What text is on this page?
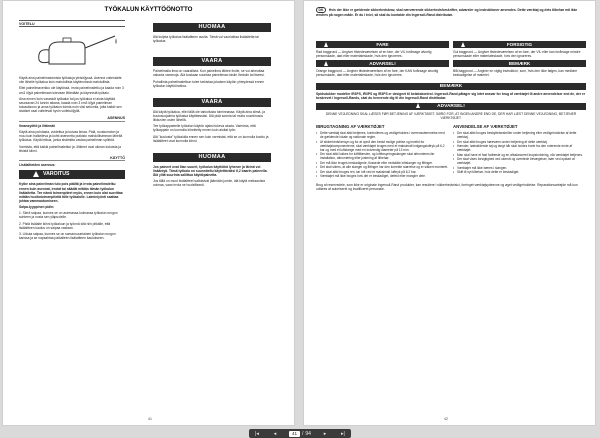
TYÖKALUN KÄYTTÖÖNOTTO
VOITELU

Käytä aina paineilmatoimisia työkaluja yleisöljyssä. Asenna voitelulaite niin lähelle työkalua kuin mahdollista käytännössä mahdollista.

Ellei paineilmaverkko ole käytössä, irrota paineilmaletku ja kaada noin 3 cm3 öljyä paineilmaan tulevaan liitäntään ja käynnistä työkalu.

Aina ennen kuin varastoit työkalun tai jos työkalua ei aiota käyttää seuraavan 24 tunnin aikana, kaada noin 3 cm3 öljyä paineilman tuloaukkoon ja anna työkalun toimia noin viisi sekuntia, jotta kaikki sen sisäiset osat voitelevat hyvin voiteluöljyllä.

ASENNUS

Ilmansyöttö ja liitännät

Käytä aina puhdasta, voideltua ja kuivaa ilmaa. Pidä, ruostumaton ja muu kuin halkeileva ja kohti asennettu putkisto mahdollisimman lähellä työkalua. Käytä letkua, jonka sisämitta vastaa paineilman syöttöä.

Varmista, että kaikki paineilmaletkut ja -liittimet ovat oikean kokoisia ja tiivistä kiinni.

KÄYTTÖ

Lisälaitteiden asennus:

VAROITUS

Kytke aina paineilman tulo pois päältä ja irrota paineilmaletku ennen kuin asennat, irrotat tai säädät mitään tämän työkalun lisälaitetta. Tee nämä toimenpiteet myös, ennen kuin alat suorittaa mitään huoltotoimenpiteitä tälle työkalulle. Laiminlyönti saattaa johtaa vammautumiseen.

Salpa-tyyppinen pidin:

1. Siirrä salpaa, kunnes se on asemassa kulmassa työkalun rungon suhteen ja nosta sen yläpuolelle.

2. Pistä lisälaite kiinni työkaluun ja työnnä sitä niin pitkälle, että lisälaitteen kaulus on salpaa vastaan.

3. Liikuta salpaa, kunnes se on samansuuntainen työkalun rungon kanssa ja se napsahtaa paikalleen lisälaitteen kaulukseen.

HUOMAA

Älä kuljeta työkalua lisälaitteen avulla. Tämä voi vaurioittaa lisälaitetta tai työkalua.

VAARA

Paineilmalla ilma on vaarallista. Kun paineilma lähtee iholle, se voi aiheuttaa vakavia vammoja. Älä koskaan suuntaa paineilmaa toisiin ihmisiin tai itseesi.

Puhallinta paineilmaletkun tulee tarkistaa jokaisen käytön yhteydessä ennen työkalun käyttöönottoa.

VAARA

Älä käytä työkalua, ellei tällä ole tarkoitusta toiminnassa. Käytä aina silmä- ja kuulosuojaimia työkalua käyttäessäsi. Älä pidä sormia tai muita ruumiinosia liikkuvien osien lähellä.

Tee työkappaleelle työkalun käytön ajaksi tukeva alusta. Varmista, että työkappale on kunnolla kiinnitetty ennen kuin aloitat työn.

Älä "kuulosta" työkalulla ennen sen kuin varmistat, että se on kunnolla koottu ja lisälaitteet ovat kunnolla kiinni.

HUOMAA

Jos paineet ovat liian suuret, työkalun käyttöikä lyhenee ja tärinä voi lisääntyä. Tämä työkalu on suunniteltu käytettäväksi 6,2 baarin paineella. Älä ylitä suurinta sallittua käyttöpainetta.

Jos tällä on muut lisälaitteet sattuisivat jäämään jumiin, älä käytä mekaanista voimaa, vaan irrota ne huolellisesti.

41
DK Hvis der ikke er gældende sikkerhedskrav, skal nærværende sikkerhedsforskrifter, advarsler og instruktioner anvendes. Dette værktøj og dets tilbehør må ikke ændres på nogen måde. Er du i tvivl, så skal du kontakte din Ingersoll-Rand distributør.
FARE

Rød baggrund — Angiver tilstedeværelsen af en fare, der VIL forårsage alvorlig personskade, død eller materialeskade, hvis den ignoreres.

FORSIGTIG

Gul baggrund — Angiver tilstedeværelsen af en fare, der VIL eller kan forårsage mindre personskade eller materialeskade, hvis den ignoreres.

ADVARSEL!

Orange baggrund — Angiver tilstedeværelsen af en fare, der KAN forårsage alvorlig personskade, død eller materialeskade, hvis den ignoreres.

BEMÆRK

Blå baggrund — Angiver en vigtig instruktion, som, hvis den ikke følges, kan medføre beskadigelse af materiel.

BEMÆRK

Spidsdukker modeller IR3PS, IR3PS og IR3PS er designet til beløbskontrol. Ingersoll-Rand påtager sig intet ansvar for brug af værktøjet til andre anvendelser end de, der er beskrevet i Ingersoll-Rands, skal du henvende dig til din Ingersoll-Rand distributør.

ADVARSEL!
DENNE VEJLEDNING SKAL LÆSES FØR BETJENING AF VÆRKTØJET. SØRG FOR, AT INGEN ANDRE END DE, DER HAR LÆST DENNE VEJLEDNING, BETJENER VÆRKTØJET.
IBRUGTAGNING AF VÆRKTØJET
• Dette værktøj skal altid betjenes, kontrolleres og vedligeholdes i overensstemmelse med de gældende lokale og nationale regler.
• Af sikkerhedshensyn og for at opnå den bedst mulige ydelse og levetid for værktøjskomponenterne, skal værktøjet bruges med et maksimalt indgangsluftryk på 6,2 bar og med et luftslange med en indvendig diameter på 13 mm.
• Der skal altid lukkes for lufttilførslen, og luftforsyningsslangen skal afmonteres før installation, afmontering eller justering af tilbehør.
• Der må ikke bruges beskadigede, flossede eller nedslidte luftslanger og fittinger.
• Det skal sikres, at alle slanger og fittinger har den korrekte størrelse og er sikkert monteret.
• Der skal altid bruges ren, tør luft ved et maksimalt lufttryk på 6,2 bar.
• Værktøjet må ikke bruges hvis det er beskadiget, defekt eller mangler dele.
ANVENDELSE AF VÆRKTØJET
• Der skal altid bruges beskyttelsesbriller under betjening eller vedligeholdelse af dette værktøj.
• Der skal altid bruges høreværn under betjening af dette værktøj.
• Hænder, løstsiddende tøj og langt hår skal holdes borte fra den roterende ende af værktøjet.
• Man skal have et fast fodfæste og en afbalanceret kropsholdning, når værktøjet betjenes.
• Der skal vises forsigtighed ved ukendt og uventede bevægelser, især ved opstart af værktøjet.
• Værktøjet må ikke bæres i slangen.
• Skift til nyt tilbehør, hvis dette er beskadiget.

Brug af reservedele, som ikke er originale Ingersoll-Rand produkter, kan resultere i sikkerhedsrisici, forringet værktøjsydeevne og øget vedligeholdelse. Reparationsarbejde må kun udføres af autoriseret og kvalificeret personale.

42
|◂	◂	41 / 94	▸	▸|
